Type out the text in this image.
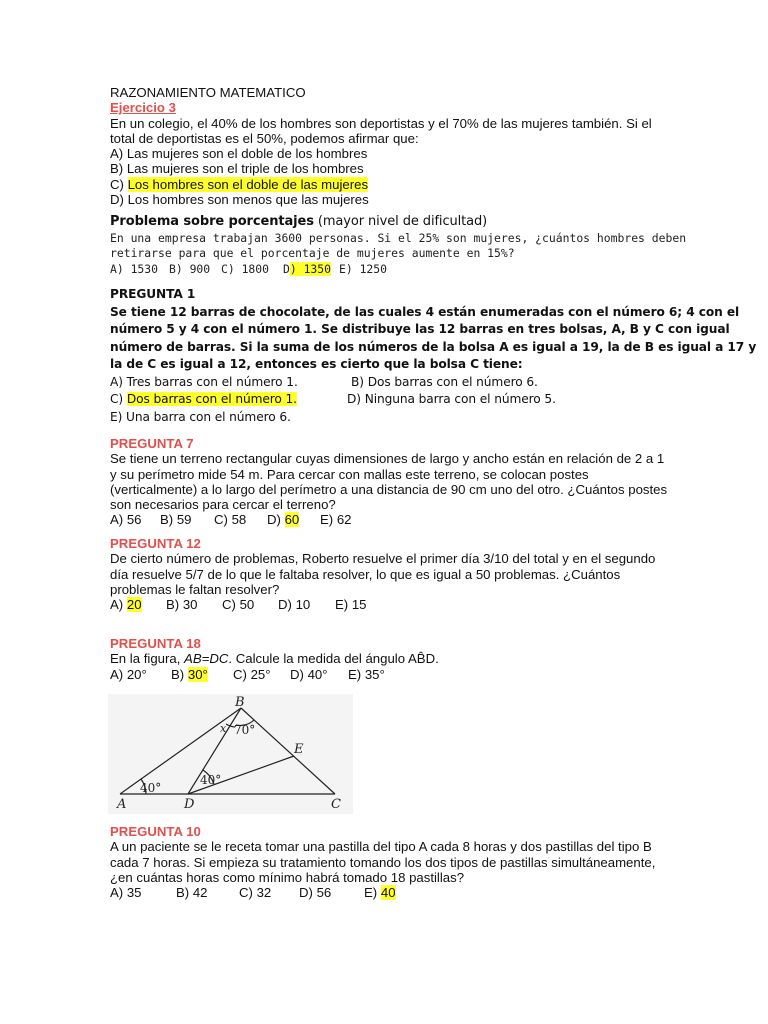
RAZONAMIENTO MATEMATICO
Ejercicio 3
En un colegio, el 40% de los hombres son deportistas y el 70% de las mujeres también. Si el
total de deportistas es el 50%, podemos afirmar que:
A) Las mujeres son el doble de los hombres
B) Las mujeres son el triple de los hombres
C) Los hombres son el doble de las mujeres
D) Los hombres son menos que las mujeres
Problema sobre porcentajes (mayor nivel de dificultad)
En una empresa trabajan 3600 personas. Si el 25% son mujeres, ¿cuántos hombres deben
retirarse para que el porcentaje de mujeres aumente en 15%?
A) 1530 B) 900 C) 1800 D) 1350 E) 1250
PREGUNTA 1
Se tiene 12 barras de chocolate, de las cuales 4 están enumeradas con el número 6; 4 con el
número 5 y 4 con el número 1. Se distribuye las 12 barras en tres bolsas, A, B y C con igual
número de barras. Si la suma de los números de la bolsa A es igual a 19, la de B es igual a 17 y
la de C es igual a 12, entonces es cierto que la bolsa C tiene:
A) Tres barras con el número 1.	B) Dos barras con el número 6.
C) Dos barras con el número 1.	D) Ninguna barra con el número 5.
E) Una barra con el número 6.
PREGUNTA 7
Se tiene un terreno rectangular cuyas dimensiones de largo y ancho están en relación de 2 a 1
y su perímetro mide 54 m. Para cercar con mallas este terreno, se colocan postes
(verticalmente) a lo largo del perímetro a una distancia de 90 cm uno del otro. ¿Cuántos postes
son necesarios para cercar el terreno?
A) 56 B) 59 C) 58 D) 60 E) 62
PREGUNTA 12
De cierto número de problemas, Roberto resuelve el primer día 3/10 del total y en el segundo
día resuelve 5/7 de lo que le faltaba resolver, lo que es igual a 50 problemas. ¿Cuántos
problemas le faltan resolver?
A) 20 B) 30 C) 50 D) 10 E) 15
PREGUNTA 18
En la figura, AB=DC. Calcule la medida del ángulo AB̂D.
A) 20° B) 30° C) 25° D) 40° E) 35°
B
x
E
A	D	C
70°
40°
40°
PREGUNTA 10
A un paciente se le receta tomar una pastilla del tipo A cada 8 horas y dos pastillas del tipo B
cada 7 horas. Si empieza su tratamiento tomando los dos tipos de pastillas simultáneamente,
¿en cuántas horas como mínimo habrá tomado 18 pastillas?
A) 35	B) 42 C) 32 D) 56 E) 40
